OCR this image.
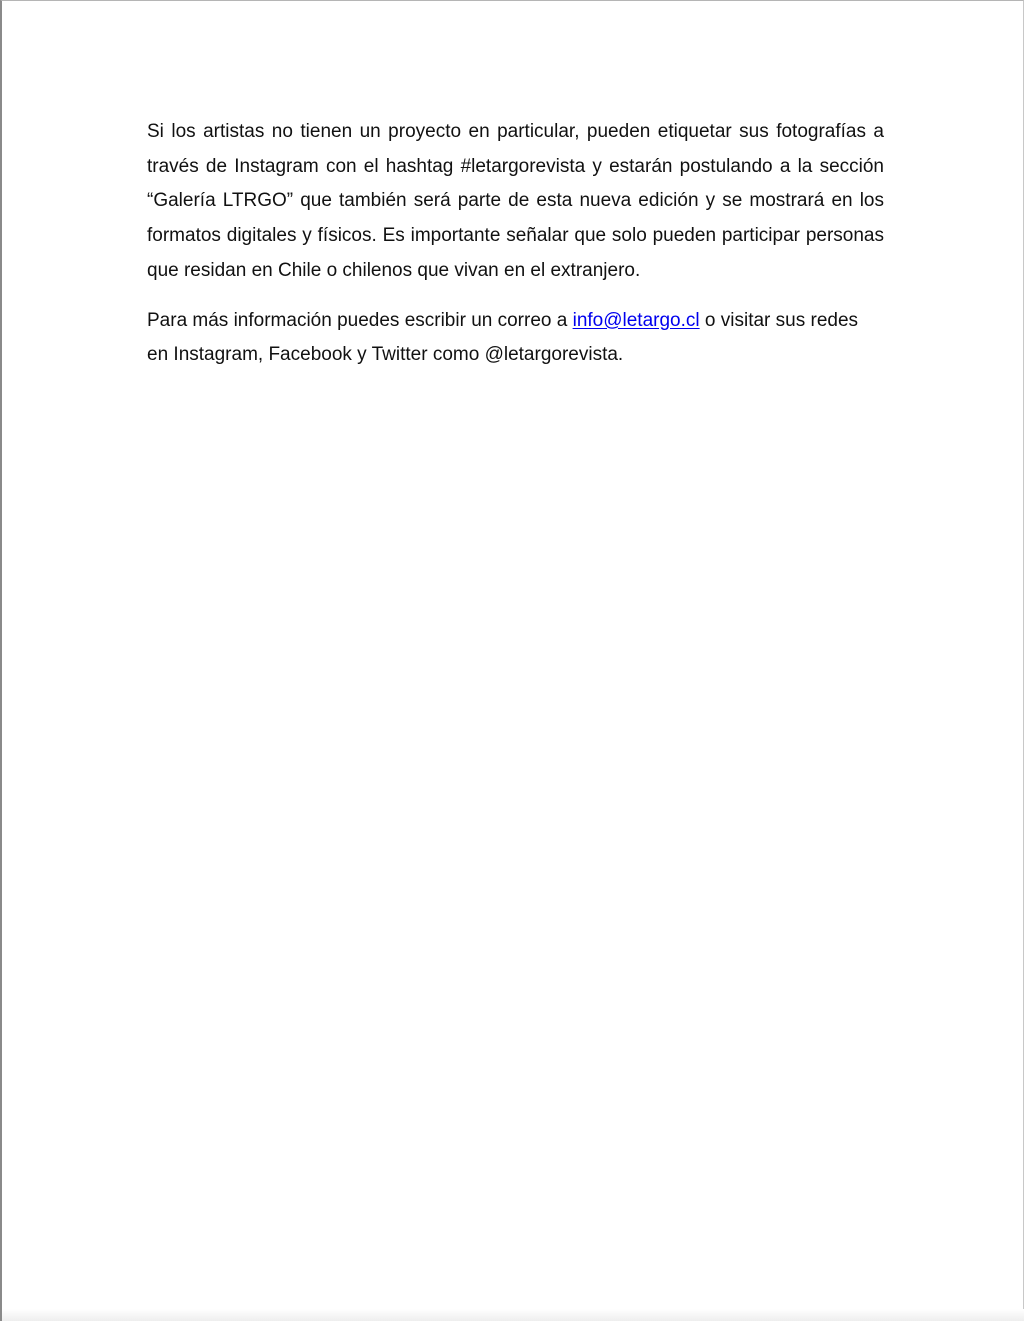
Si los artistas no tienen un proyecto en particular, pueden etiquetar sus fotografías a través de Instagram con el hashtag #letargorevista y estarán postulando a la sección “Galería LTRGO” que también será parte de esta nueva edición y se mostrará en los formatos digitales y físicos. Es importante señalar que solo pueden participar personas que residan en Chile o chilenos que vivan en el extranjero.

Para más información puedes escribir un correo a info@letargo.cl o visitar sus redes en Instagram, Facebook y Twitter como @letargorevista.
